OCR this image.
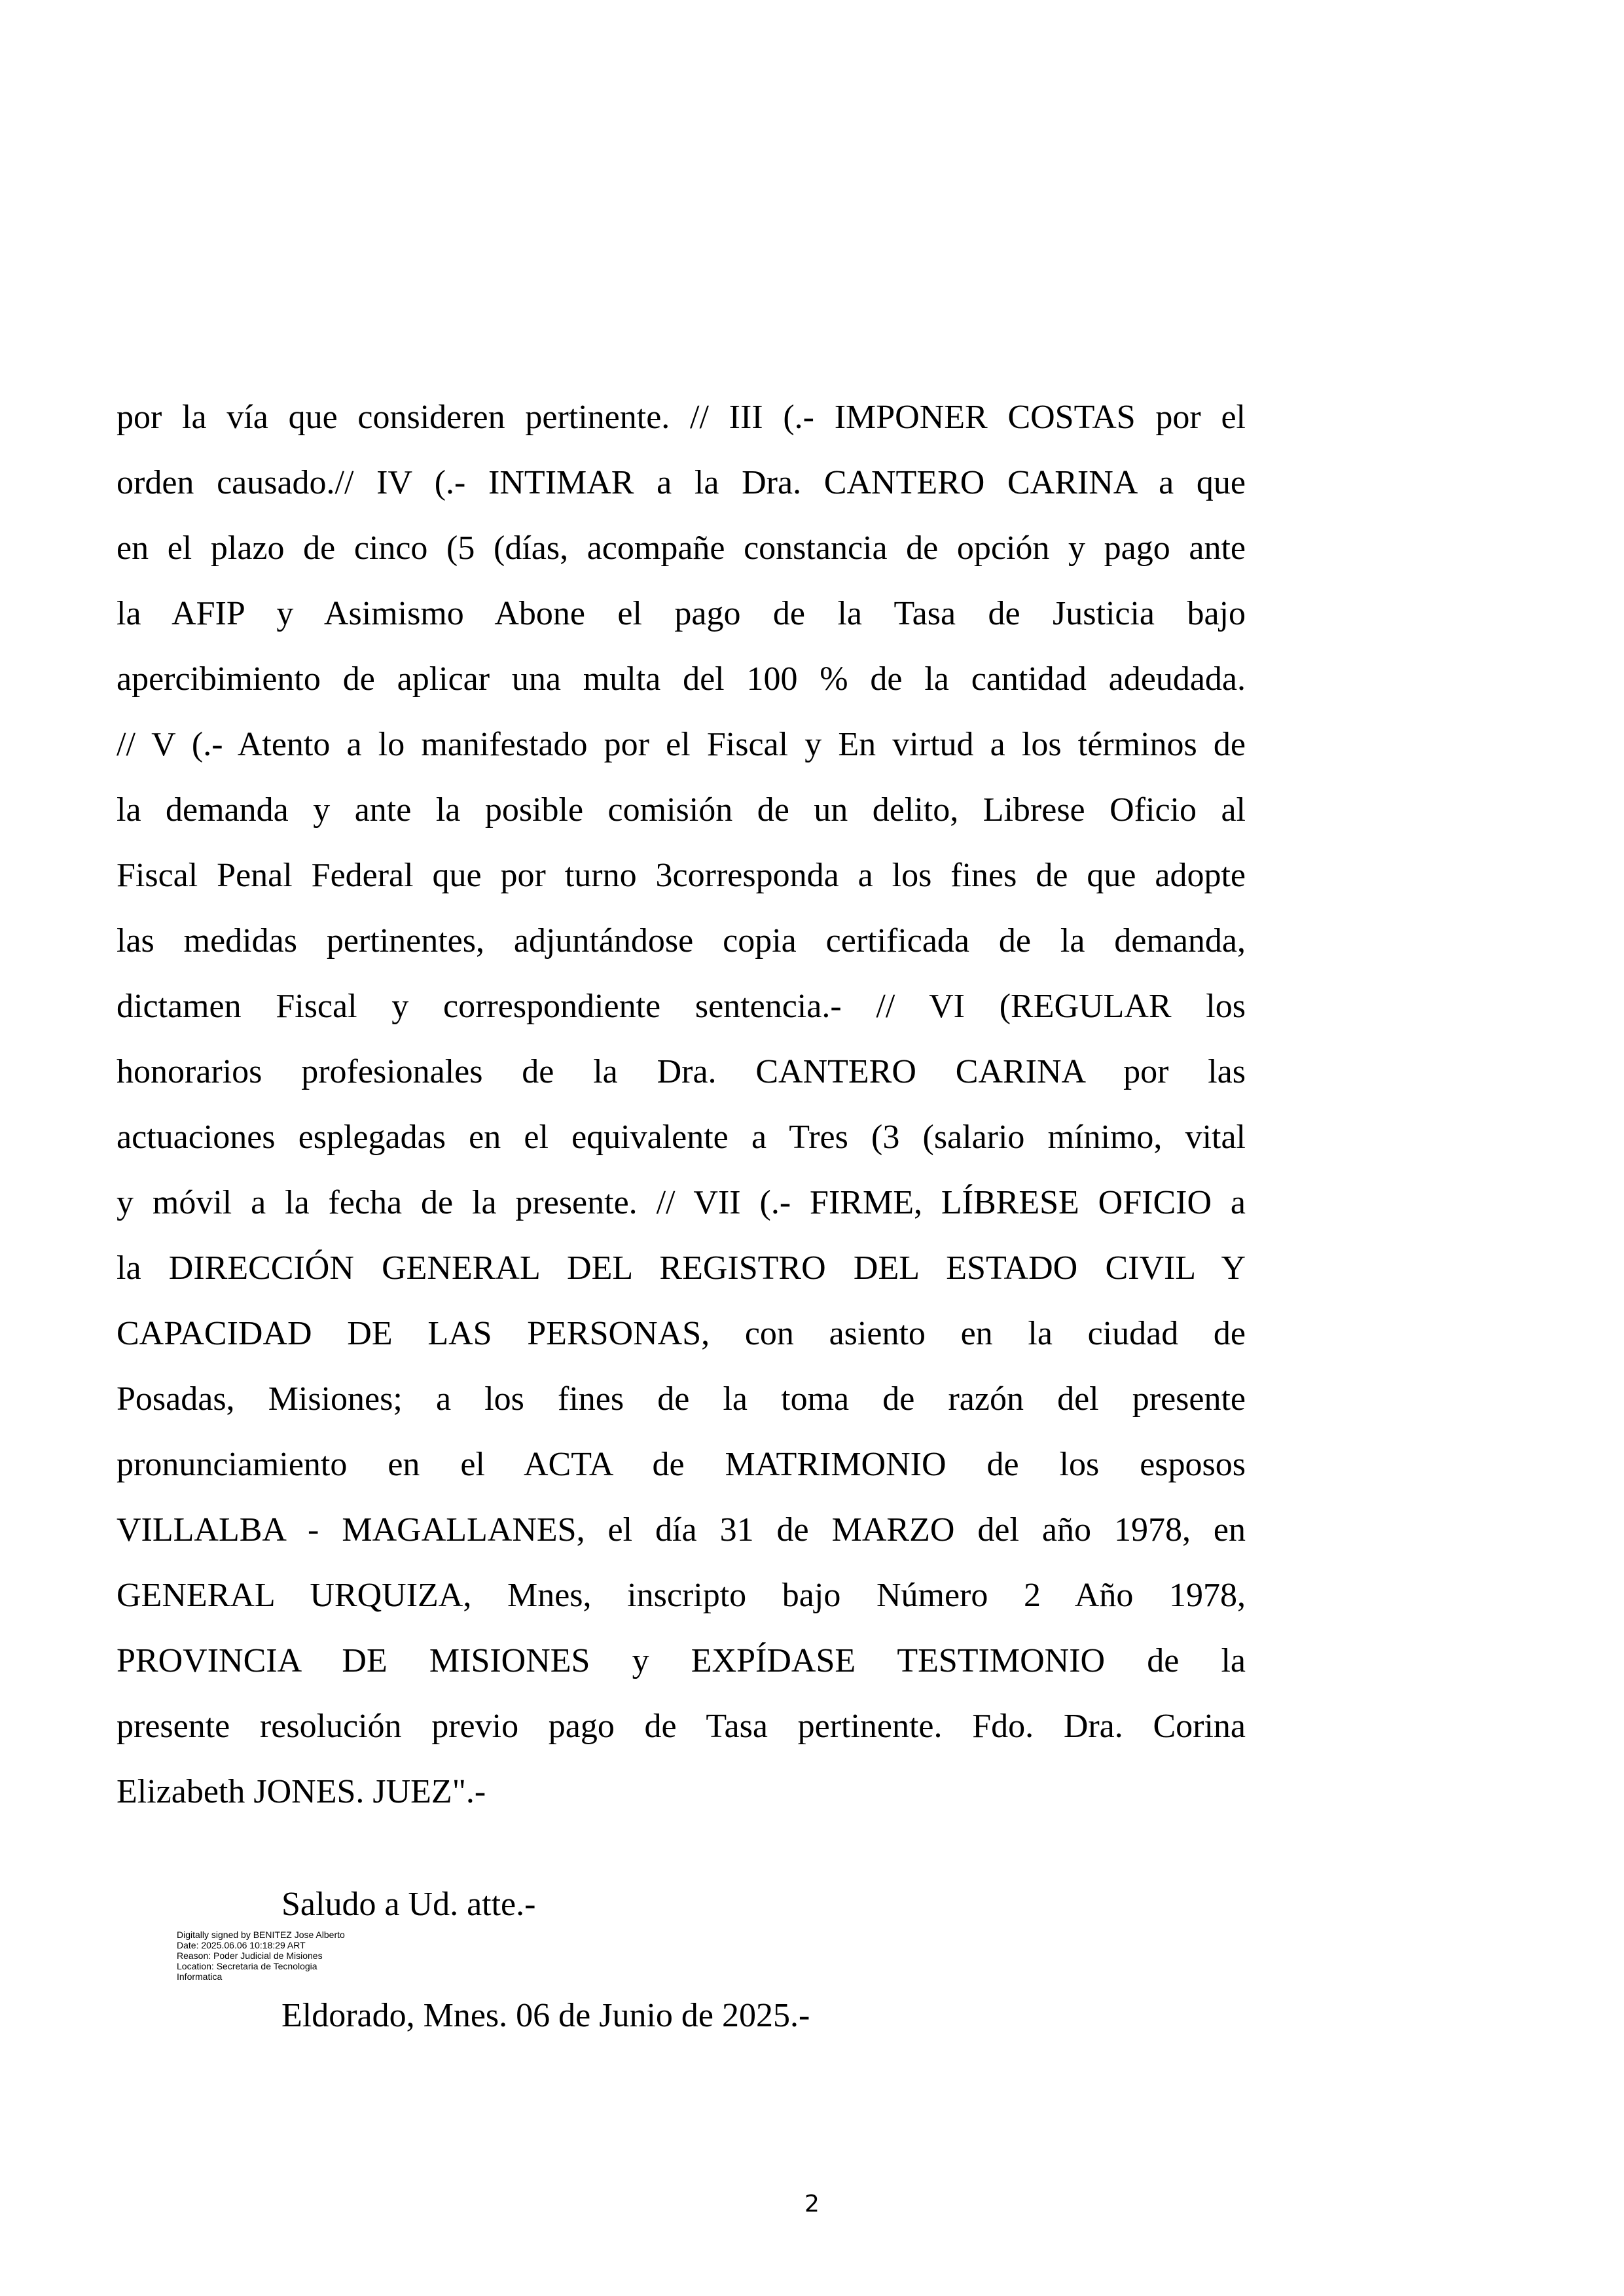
por la vía que consideren pertinente. // III (.- IMPONER COSTAS por el
orden causado.// IV (.- INTIMAR a la Dra. CANTERO CARINA a que
en el plazo de cinco (5 (días, acompañe constancia de opción y pago ante
la AFIP y Asimismo Abone el pago de la Tasa de Justicia bajo
apercibimiento de aplicar una multa del 100 % de la cantidad adeudada.
// V (.- Atento a lo manifestado por el Fiscal y En virtud a los términos de
la demanda y ante la posible comisión de un delito, Librese Oficio al
Fiscal Penal Federal que por turno 3corresponda a los fines de que adopte
las medidas pertinentes, adjuntándose copia certificada de la demanda,
dictamen Fiscal y correspondiente sentencia.- // VI (REGULAR los
honorarios profesionales de la Dra. CANTERO CARINA por las
actuaciones esplegadas en el equivalente a Tres (3 (salario mínimo, vital
y móvil a la fecha de la presente. // VII (.- FIRME, LÍBRESE OFICIO a
la DIRECCIÓN GENERAL DEL REGISTRO DEL ESTADO CIVIL Y
CAPACIDAD DE LAS PERSONAS, con asiento en la ciudad de
Posadas, Misiones; a los fines de la toma de razón del presente
pronunciamiento en el ACTA de MATRIMONIO de los esposos
VILLALBA - MAGALLANES, el día 31 de MARZO del año 1978, en
GENERAL URQUIZA, Mnes, inscripto bajo Número 2 Año 1978,
PROVINCIA DE MISIONES y EXPÍDASE TESTIMONIO de la
presente resolución previo pago de Tasa pertinente. Fdo. Dra. Corina
Elizabeth JONES. JUEZ".-
Saludo a Ud. atte.-
Digitally signed by BENITEZ Jose Alberto
Date: 2025.06.06 10:18:29 ART
Reason: Poder Judicial de Misiones
Location: Secretaria de Tecnologia
Informatica
Eldorado, Mnes. 06 de Junio de 2025.-
2
